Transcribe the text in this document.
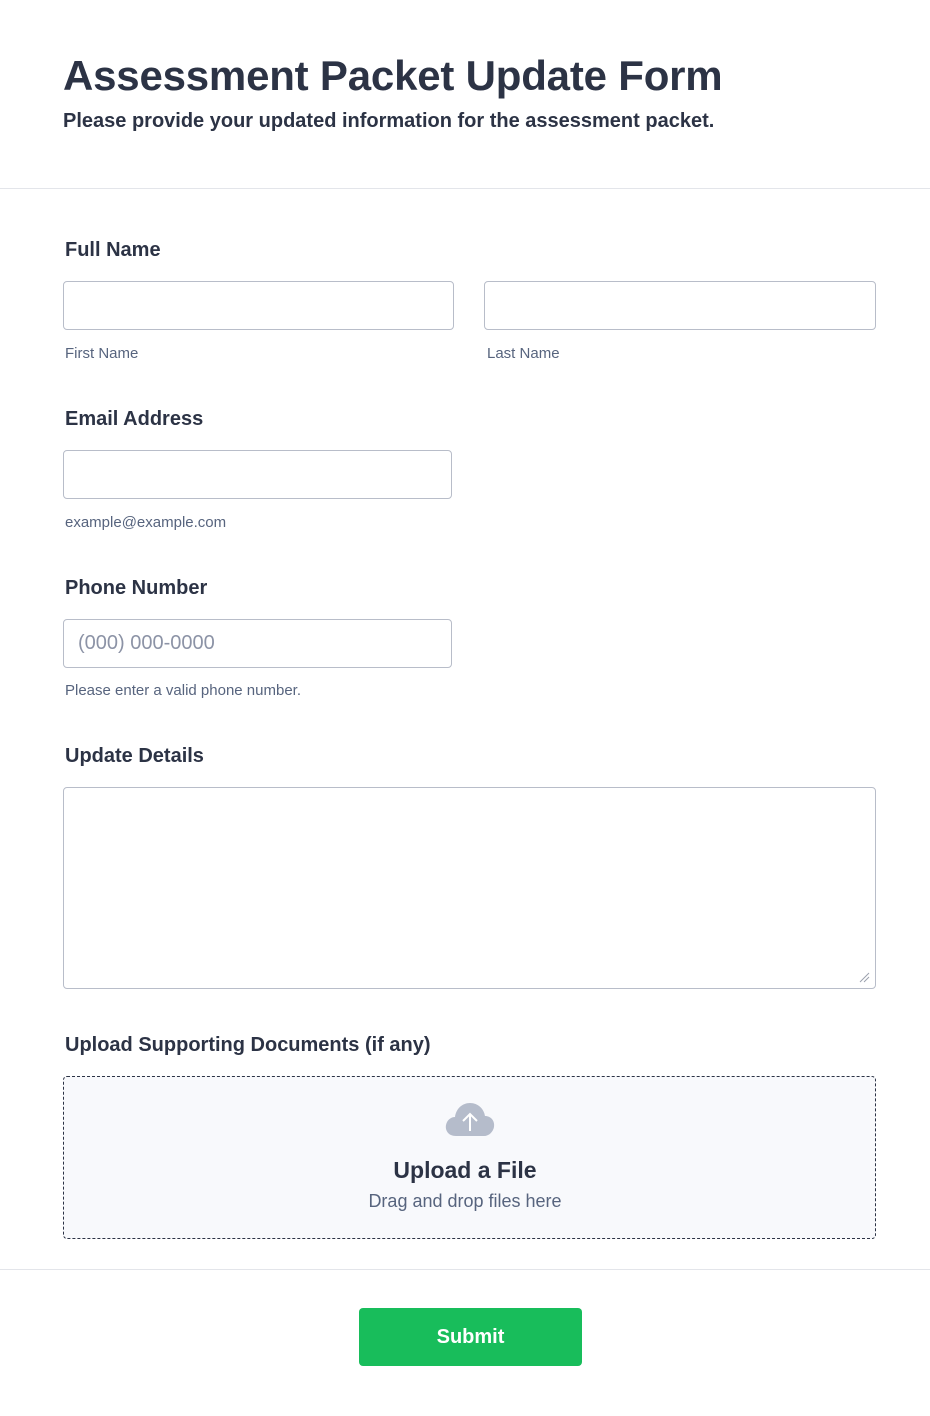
Assessment Packet Update Form
Please provide your updated information for the assessment packet.
Full Name
First Name	Last Name
Email Address
example@example.com
Phone Number
(000) 000-0000
Please enter a valid phone number.
Update Details
Upload Supporting Documents (if any)
Upload a File
Drag and drop files here
Submit
